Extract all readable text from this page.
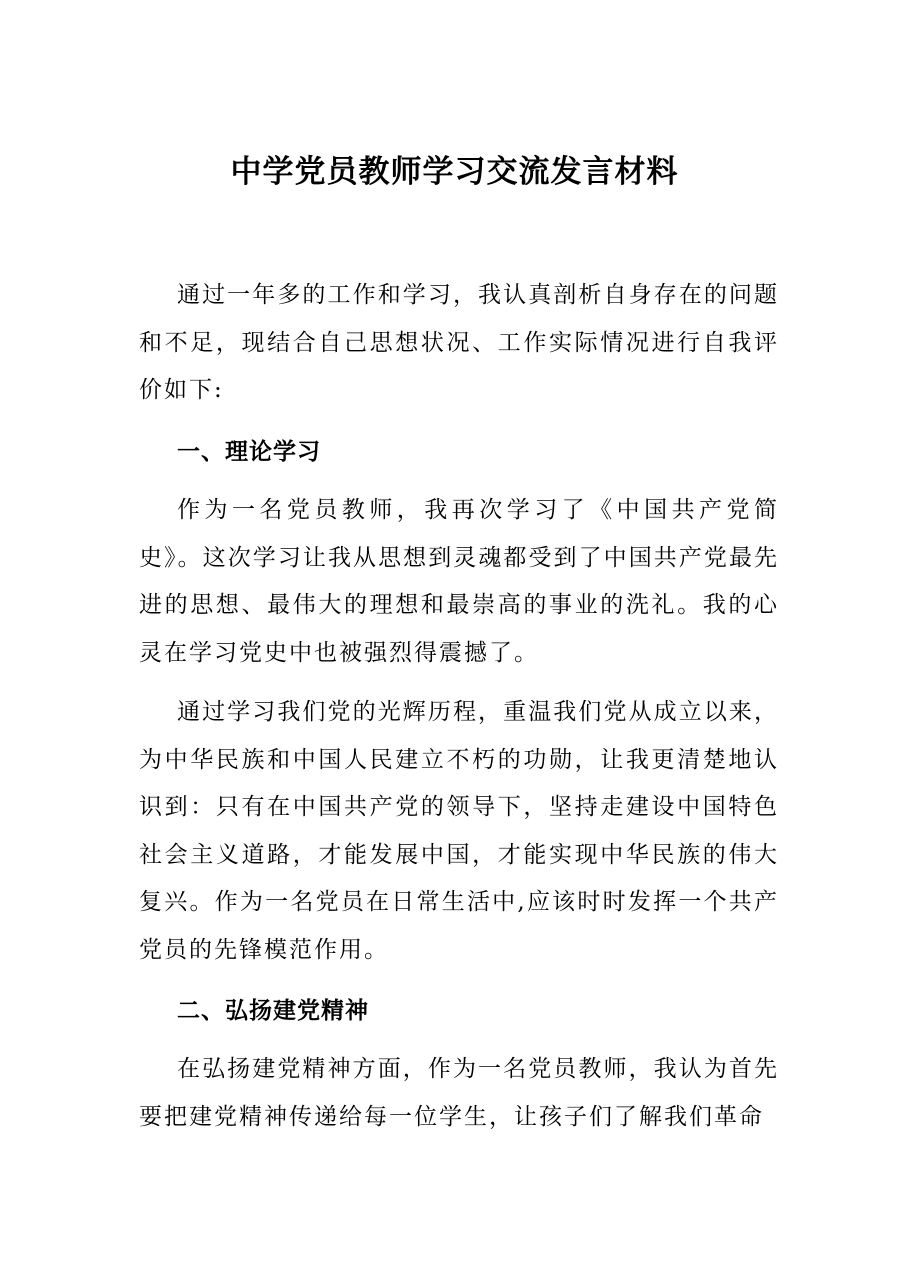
中学党员教师学习交流发言材料

通过一年多的工作和学习，我认真剖析自身存在的问题和不足，现结合自己思想状况、工作实际情况进行自我评价如下:

一、理论学习

作为一名党员教师，我再次学习了《中国共产党简史》。这次学习让我从思想到灵魂都受到了中国共产党最先进的思想、最伟大的理想和最崇高的事业的洗礼。我的心灵在学习党史中也被强烈得震撼了。

通过学习我们党的光辉历程，重温我们党从成立以来，为中华民族和中国人民建立不朽的功勋，让我更清楚地认识到：只有在中国共产党的领导下，坚持走建设中国特色社会主义道路，才能发展中国，才能实现中华民族的伟大复兴。作为一名党员在日常生活中,应该时时发挥一个共产党员的先锋模范作用。

二、弘扬建党精神

在弘扬建党精神方面，作为一名党员教师，我认为首先要把建党精神传递给每一位学生，让孩子们了解我们革命
